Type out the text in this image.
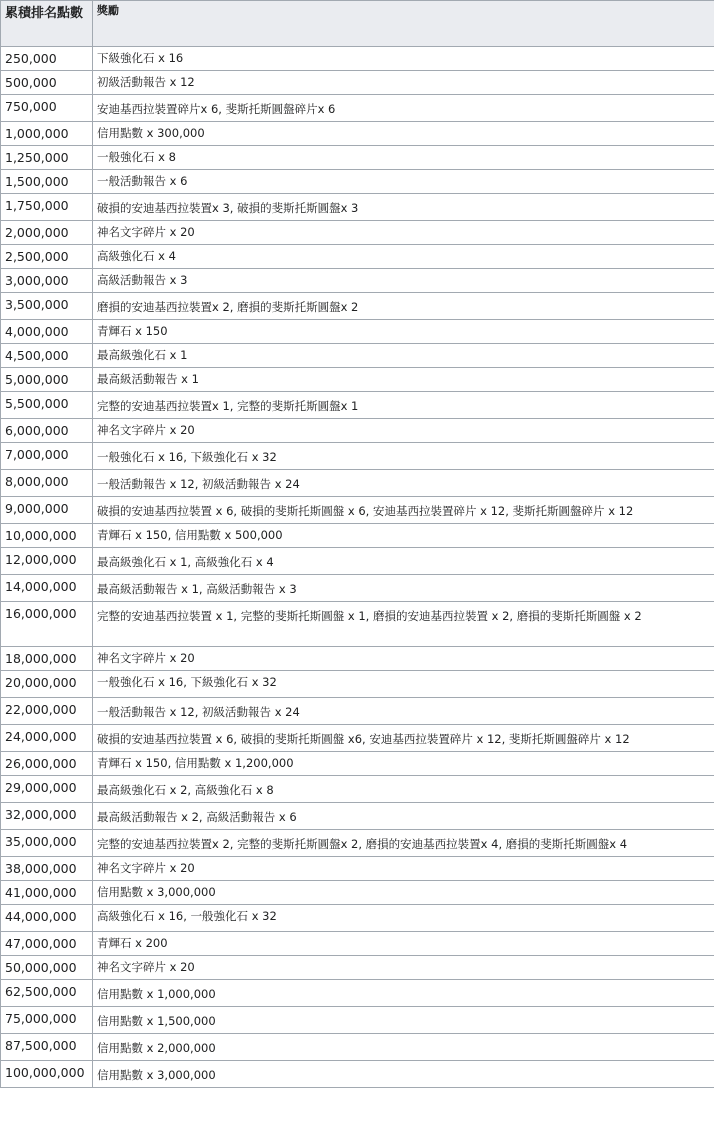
累積排名點數	獎勵
250,000	下級強化石 x 16
500,000	初級活動報告 x 12
750,000	安迪基西拉裝置碎片x 6, 斐斯托斯圓盤碎片x 6
1,000,000	信用點數 x 300,000
1,250,000	一般強化石 x 8
1,500,000	一般活動報告 x 6
1,750,000	破損的安迪基西拉裝置x 3, 破損的斐斯托斯圓盤x 3
2,000,000	神名文字碎片 x 20
2,500,000	高級強化石 x 4
3,000,000	高級活動報告 x 3
3,500,000	磨損的安迪基西拉裝置x 2, 磨損的斐斯托斯圓盤x 2
4,000,000	青輝石 x 150
4,500,000	最高級強化石 x 1
5,000,000	最高級活動報告 x 1
5,500,000	完整的安迪基西拉裝置x 1, 完整的斐斯托斯圓盤x 1
6,000,000	神名文字碎片 x 20
7,000,000	一般強化石 x 16, 下級強化石 x 32
8,000,000	一般活動報告 x 12, 初級活動報告 x 24
9,000,000	破損的安迪基西拉裝置 x 6, 破損的斐斯托斯圓盤 x 6, 安迪基西拉裝置碎片 x 12, 斐斯托斯圓盤碎片 x 12
10,000,000	青輝石 x 150, 信用點數 x 500,000
12,000,000	最高級強化石 x 1, 高級強化石 x 4
14,000,000	最高級活動報告 x 1, 高級活動報告 x 3
16,000,000	完整的安迪基西拉裝置 x 1, 完整的斐斯托斯圓盤 x 1, 磨損的安迪基西拉裝置 x 2, 磨損的斐斯托斯圓盤 x 2
18,000,000	神名文字碎片 x 20
20,000,000	一般強化石 x 16, 下級強化石 x 32
22,000,000	一般活動報告 x 12, 初級活動報告 x 24
24,000,000	破損的安迪基西拉裝置 x 6, 破損的斐斯托斯圓盤 x6, 安迪基西拉裝置碎片 x 12, 斐斯托斯圓盤碎片 x 12
26,000,000	青輝石 x 150, 信用點數 x 1,200,000
29,000,000	最高級強化石 x 2, 高級強化石 x 8
32,000,000	最高級活動報告 x 2, 高級活動報告 x 6
35,000,000	完整的安迪基西拉裝置x 2, 完整的斐斯托斯圓盤x 2, 磨損的安迪基西拉裝置x 4, 磨損的斐斯托斯圓盤x 4
38,000,000	神名文字碎片 x 20
41,000,000	信用點數 x 3,000,000
44,000,000	高級強化石 x 16, 一般強化石 x 32
47,000,000	青輝石 x 200
50,000,000	神名文字碎片 x 20
62,500,000	信用點數 x 1,000,000
75,000,000	信用點數 x 1,500,000
87,500,000	信用點數 x 2,000,000
100,000,000	信用點數 x 3,000,000
